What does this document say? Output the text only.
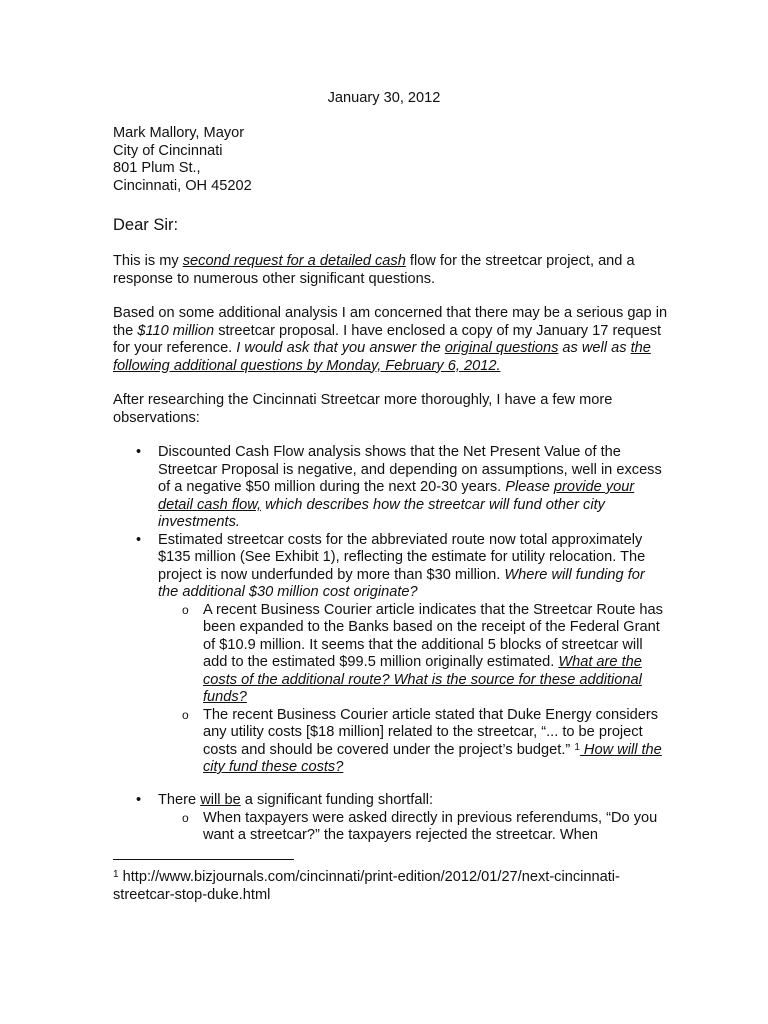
January 30, 2012
Mark Mallory, Mayor
City of Cincinnati
801 Plum St.,
Cincinnati, OH 45202
Dear Sir:
This is my second request for a detailed cash flow for the streetcar project, and a response to numerous other significant questions.
Based on some additional analysis I am concerned that there may be a serious gap in the $110 million streetcar proposal. I have enclosed a copy of my January 17 request for your reference. I would ask that you answer the original questions as well as the following additional questions by Monday, February 6, 2012.
After researching the Cincinnati Streetcar more thoroughly, I have a few more observations:
• Discounted Cash Flow analysis shows that the Net Present Value of the Streetcar Proposal is negative, and depending on assumptions, well in excess of a negative $50 million during the next 20-30 years. Please provide your detail cash flow, which describes how the streetcar will fund other city investments.
• Estimated streetcar costs for the abbreviated route now total approximately $135 million (See Exhibit 1), reflecting the estimate for utility relocation. The project is now underfunded by more than $30 million. Where will funding for the additional $30 million cost originate?
o A recent Business Courier article indicates that the Streetcar Route has been expanded to the Banks based on the receipt of the Federal Grant of $10.9 million. It seems that the additional 5 blocks of streetcar will add to the estimated $99.5 million originally estimated. What are the costs of the additional route? What is the source for these additional funds?
o The recent Business Courier article stated that Duke Energy considers any utility costs [$18 million] related to the streetcar, “... to be project costs and should be covered under the project’s budget.” $^1$ How will the city fund these costs?
• There will be a significant funding shortfall:
o When taxpayers were asked directly in previous referendums, “Do you want a streetcar?” the taxpayers rejected the streetcar. When
$^1$ http://www.bizjournals.com/cincinnati/print-edition/2012/01/27/next-cincinnati-streetcar-stop-duke.html
